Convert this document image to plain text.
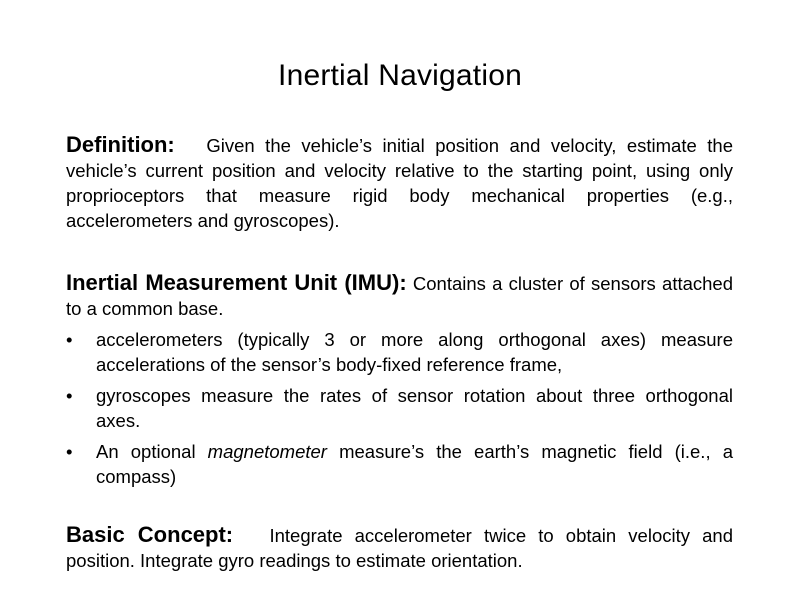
Inertial Navigation
Definition: Given the vehicle’s initial position and velocity, estimate the vehicle’s current position and velocity relative to the starting point, using only proprioceptors that measure rigid body mechanical properties (e.g., accelerometers and gyroscopes).
Inertial Measurement Unit (IMU): Contains a cluster of sensors attached to a common base.
•	accelerometers (typically 3 or more along orthogonal axes) measure accelerations of the sensor’s body-fixed reference frame,
•	gyroscopes measure the rates of sensor rotation about three orthogonal axes.
•	An optional magnetometer measure’s the earth’s magnetic field (i.e., a compass)
Basic Concept: Integrate accelerometer twice to obtain velocity and position. Integrate gyro readings to estimate orientation.
